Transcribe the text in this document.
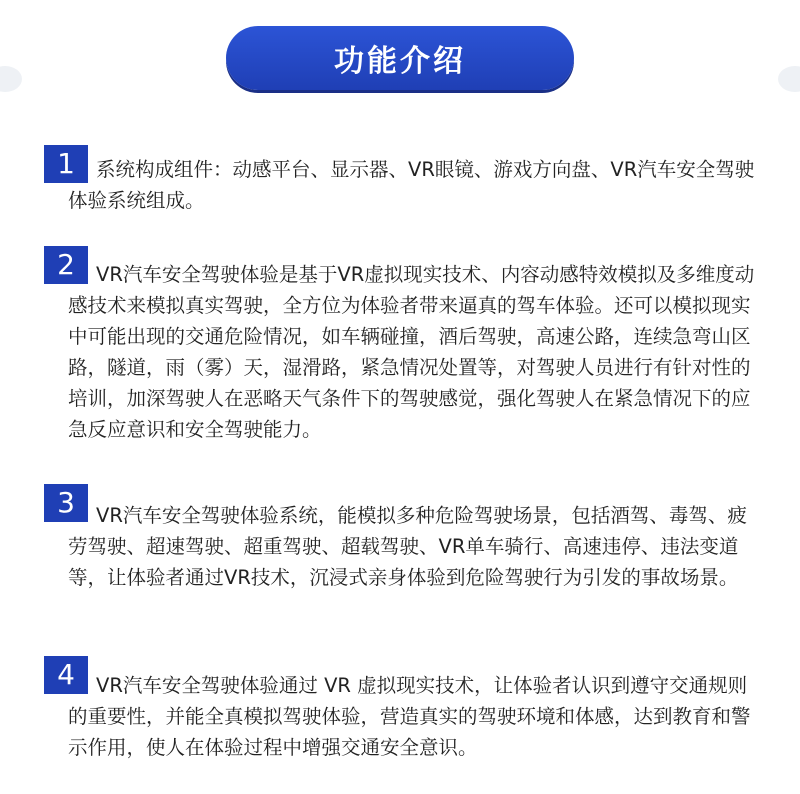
功能介绍
1	系统构成组件：动感平台、显示器、VR眼镜、游戏方向盘、VR汽车安全驾驶体验系统组成。

2	VR汽车安全驾驶体验是基于VR虚拟现实技术、内容动感特效模拟及多维度动感技术来模拟真实驾驶，全方位为体验者带来逼真的驾车体验。还可以模拟现实中可能出现的交通危险情况，如车辆碰撞，酒后驾驶，高速公路，连续急弯山区路，隧道，雨（雾）天，湿滑路，紧急情况处置等，对驾驶人员进行有针对性的培训，加深驾驶人在恶略天气条件下的驾驶感觉，强化驾驶人在紧急情况下的应急反应意识和安全驾驶能力。

3	VR汽车安全驾驶体验系统，能模拟多种危险驾驶场景，包括酒驾、毒驾、疲劳驾驶、超速驾驶、超重驾驶、超载驾驶、VR单车骑行、高速违停、违法变道等，让体验者通过VR技术，沉浸式亲身体验到危险驾驶行为引发的事故场景。

4	VR汽车安全驾驶体验通过 VR 虚拟现实技术，让体验者认识到遵守交通规则的重要性，并能全真模拟驾驶体验，营造真实的驾驶环境和体感，达到教育和警示作用，使人在体验过程中增强交通安全意识。
